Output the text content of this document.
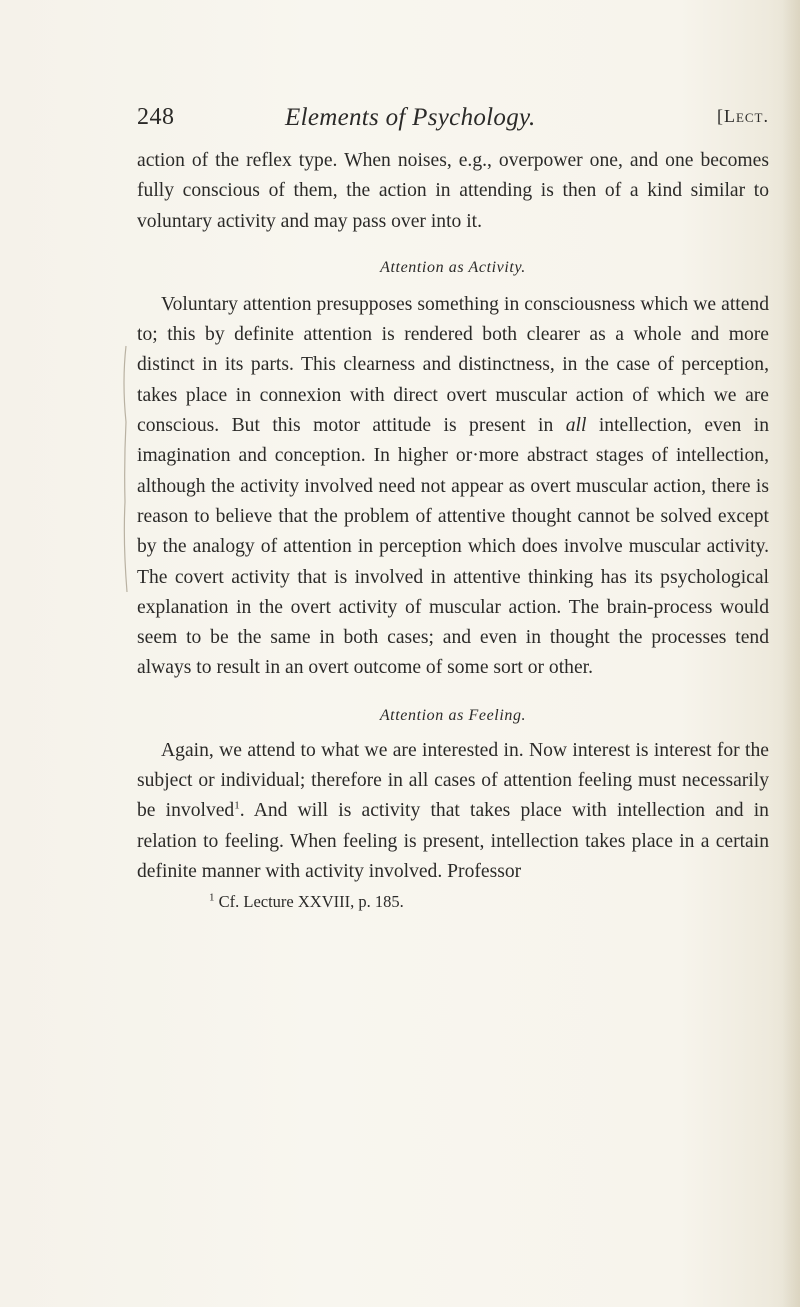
248	Elements of Psychology.	[Lect.

action of the reflex type. When noises, e.g., overpower one, and one becomes fully conscious of them, the action in attending is then of a kind similar to voluntary activity and may pass over into it.

Attention as Activity.

Voluntary attention presupposes something in consciousness which we attend to; this by definite attention is rendered both clearer as a whole and more distinct in its parts. This clearness and distinctness, in the case of perception, takes place in connexion with direct overt muscular action of which we are conscious. But this motor attitude is present in all intellection, even in imagination and conception. In higher or·more abstract stages of intellection, although the activity involved need not appear as overt muscular action, there is reason to believe that the problem of attentive thought cannot be solved except by the analogy of attention in perception which does involve muscular activity. The covert activity that is involved in attentive thinking has its psychological explanation in the overt activity of muscular action. The brain-process would seem to be the same in both cases; and even in thought the processes tend always to result in an overt outcome of some sort or other.

Attention as Feeling.

Again, we attend to what we are interested in. Now interest is interest for the subject or individual; therefore in all cases of attention feeling must necessarily be involved$^1$. And will is activity that takes place with intellection and in relation to feeling. When feeling is present, intellection takes place in a certain definite manner with activity involved. Professor

$^1$ Cf. Lecture XXVIII, p. 185.
